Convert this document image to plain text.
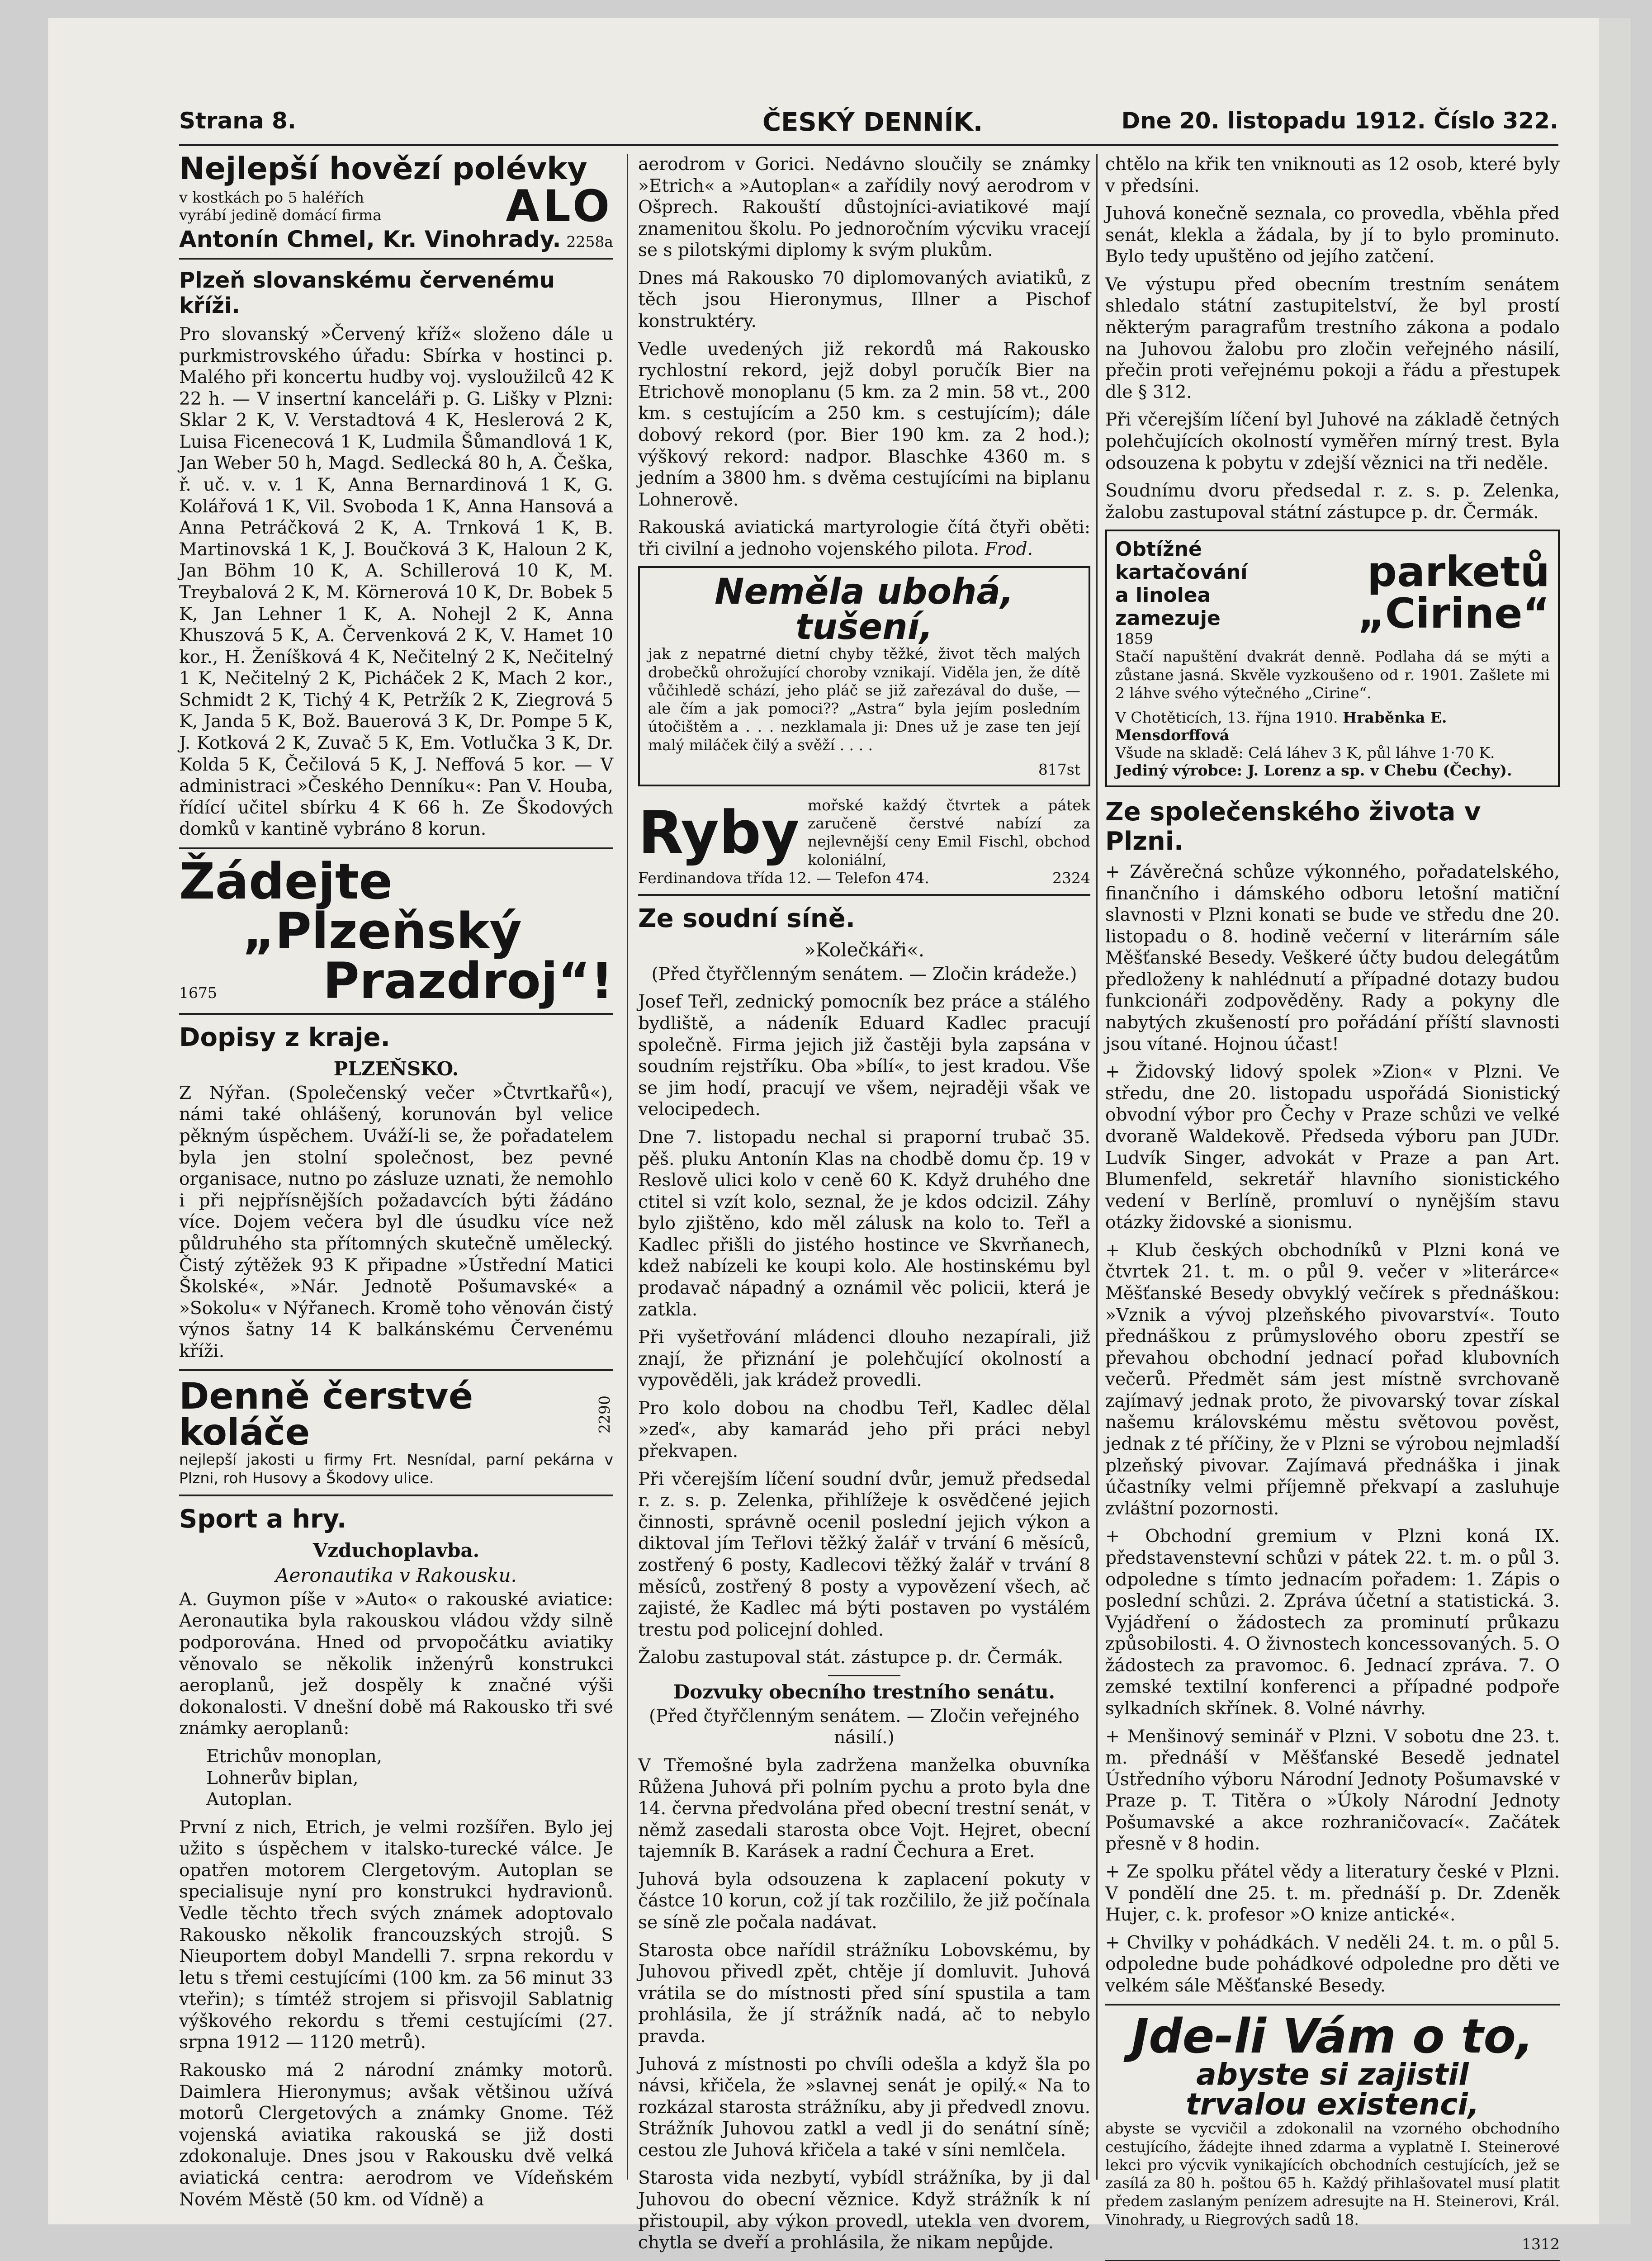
Strana 8.	ČESKÝ DENNÍK.	Dne 20. listopadu 1912. Číslo 322.
Nejlepší hovězí polévky
v kostkách po 5 haléřích
vyrábí jedině domácí firma	ALO
Antonín Chmel, Kr. Vinohrady. 2258a
Plzeň slovanskému červenému kříži.

Pro slovanský »Červený kříž« složeno dále u purkmistrovského úřadu: Sbírka v hostinci p. Malého při koncertu hudby voj. vysloužilců 42 K 22 h. — V insertní kanceláři p. G. Lišky v Plzni: Sklar 2 K, V. Verstadtová 4 K, Heslerová 2 K, Luisa Ficenecová 1 K, Ludmila Šůmandlová 1 K, Jan Weber 50 h, Magd. Sedlecká 80 h, A. Češka, ř. uč. v. v. 1 K, Anna Bernardinová 1 K, G. Kolářová 1 K, Vil. Svoboda 1 K, Anna Hansová a Anna Petráčková 2 K, A. Trnková 1 K, B. Martinovská 1 K, J. Boučková 3 K, Haloun 2 K, Jan Böhm 10 K, A. Schillerová 10 K, M. Treybalová 2 K, M. Körnerová 10 K, Dr. Bobek 5 K, Jan Lehner 1 K, A. Nohejl 2 K, Anna Khuszová 5 K, A. Červenková 2 K, V. Hamet 10 kor., H. Ženíšková 4 K, Nečitelný 2 K, Nečitelný 1 K, Nečitelný 2 K, Picháček 2 K, Mach 2 kor., Schmidt 2 K, Tichý 4 K, Petržík 2 K, Ziegrová 5 K, Janda 5 K, Bož. Bauerová 3 K, Dr. Pompe 5 K, J. Kotková 2 K, Zuvač 5 K, Em. Votlučka 3 K, Dr. Kolda 5 K, Čečilová 5 K, J. Neffová 5 kor. — V administraci »Českého Denníku«: Pan V. Houba, řídící učitel sbírku 4 K 66 h. Ze Škodových domků v kantině vybráno 8 korun.

Žádejte
„Plzeňský
1675 Prazdroj“!
Dopisy z kraje.
PLZEŇSKO.

Z Nýřan. (Společenský večer »Čtvrtkařů«), námi také ohlášený, korunován byl velice pěkným úspěchem. Uváží-li se, že pořadatelem byla jen stolní společnost, bez pevné organisace, nutno po zásluze uznati, že nemohlo i při nejpřísnějších požadavcích býti žádáno více. Dojem večera byl dle úsudku více než půldruhého sta přítomných skutečně umělecký. Čistý zýtěžek 93 K připadne »Ústřední Matici Školské«, »Nár. Jednotě Pošumavské« a »Sokolu« v Nýřanech. Kromě toho věnován čistý výnos šatny 14 K balkánskému Červenému kříži.

Denně čerstvé koláče	2290

nejlepší jakosti u firmy Frt. Nesnídal, parní pekárna v Plzni, roh Husovy a Škodovy ulice.

Sport a hry.
Vzduchoplavba.
Aeronautika v Rakousku.

A. Guymon píše v »Auto« o rakouské aviatice: Aeronautika byla rakouskou vládou vždy silně podporována. Hned od prvopočátku aviatiky věnovalo se několik inženýrů konstrukci aeroplanů, jež dospěly k značné výši dokonalosti. V dnešní době má Rakousko tři své známky aeroplanů:

Etrichův monoplan,

Lohnerův biplan,

Autoplan.

První z nich, Etrich, je velmi rozšířen. Bylo jej užito s úspěchem v italsko-turecké válce. Je opatřen motorem Clergetovým. Autoplan se specialisuje nyní pro konstrukci hydravionů. Vedle těchto třech svých známek adoptovalo Rakousko několik francouzských strojů. S Nieuportem dobyl Mandelli 7. srpna rekordu v letu s třemi cestujícími (100 km. za 56 minut 33 vteřin); s tímtéž strojem si přisvojil Sablatnig výškového rekordu s třemi cestujícími (27. srpna 1912 — 1120 metrů).

Rakousko má 2 národní známky motorů. Daimlera Hieronymus; avšak většinou užívá motorů Clergetových a známky Gnome. Též vojenská aviatika rakouská se již dosti zdokonaluje. Dnes jsou v Rakousku dvě velká aviatická centra: aerodrom ve Vídeňském Novém Městě (50 km. od Vídně) a

aerodrom v Gorici. Nedávno sloučily se známky »Etrich« a »Autoplan« a zařídily nový aerodrom v Ošprech. Rakouští důstojníci-aviatikové mají znamenitou školu. Po jednoročním výcviku vracejí se s pilotskými diplomy k svým plukům.

Dnes má Rakousko 70 diplomovaných aviatiků, z těch jsou Hieronymus, Illner a Pischof konstruktéry.

Vedle uvedených již rekordů má Rakousko rychlostní rekord, jejž dobyl poručík Bier na Etrichově monoplanu (5 km. za 2 min. 58 vt., 200 km. s cestujícím a 250 km. s cestujícím); dále dobový rekord (por. Bier 190 km. za 2 hod.); výškový rekord: nadpor. Blaschke 4360 m. s jedním a 3800 hm. s dvěma cestujícími na biplanu Lohnerově.

Rakouská aviatická martyrologie čítá čtyři oběti: tři civilní a jednoho vojenského pilota. Frod.

Neměla ubohá,
tušení,

jak z nepatrné dietní chyby těžké, život těch malých drobečků ohrožující choroby vznikají. Viděla jen, že dítě vůčihledě schází, jeho pláč se již zařezával do duše, — ale čím a jak pomoci?? „Astra“ byla jejím posledním útočištěm a . . . nezklamala ji: Dnes už je zase ten její malý miláček čilý a svěží . . . .

817st
Ryby mořské každý čtvrtek a pátek zaručeně čerstvé nabízí za nejlevnější ceny Emil Fischl, obchod koloniální,

Ferdinandova třída 12. — Telefon 474.	2324
Ze soudní síně.
»Kolečkáři«.

(Před čtyřčlenným senátem. — Zločin krádeže.)

Josef Teřl, zednický pomocník bez práce a stálého bydliště, a nádeník Eduard Kadlec pracují společně. Firma jejich již častěji byla zapsána v soudním rejstříku. Oba »bílí«, to jest kradou. Vše se jim hodí, pracují ve všem, nejraději však ve velocipedech.

Dne 7. listopadu nechal si praporní trubač 35. pěš. pluku Antonín Klas na chodbě domu čp. 19 v Reslově ulici kolo v ceně 60 K. Když druhého dne ctitel si vzít kolo, seznal, že je kdos odcizil. Záhy bylo zjištěno, kdo měl zálusk na kolo to. Teřl a Kadlec přišli do jistého hostince ve Skvrňanech, kdež nabízeli ke koupi kolo. Ale hostinskému byl prodavač nápadný a oznámil věc policii, která je zatkla.

Při vyšetřování mládenci dlouho nezapírali, již znají, že přiznání je polehčující okolností a vypověděli, jak krádež provedli.

Pro kolo dobou na chodbu Teřl, Kadlec dělal »zeď«, aby kamarád jeho při práci nebyl překvapen.

Při včerejším líčení soudní dvůr, jemuž předsedal r. z. s. p. Zelenka, přihlížeje k osvědčené jejich činnosti, správně ocenil poslední jejich výkon a diktoval jím Teřlovi těžký žalář v trvání 6 měsíců, zostřený 6 posty, Kadlecovi těžký žalář v trvání 8 měsíců, zostřený 8 posty a vypovězení všech, ač zajisté, že Kadlec má býti postaven po vystálém trestu pod policejní dohled.

Žalobu zastupoval stát. zástupce p. dr. Čermák.

Dozvuky obecního trestního senátu.

(Před čtyřčlenným senátem. — Zločin veřejného násilí.)

V Třemošné byla zadržena manželka obuvníka Růžena Juhová při polním pychu a proto byla dne 14. června předvolána před obecní trestní senát, v němž zasedali starosta obce Vojt. Hejret, obecní tajemník B. Karásek a radní Čechura a Eret.

Juhová byla odsouzena k zaplacení pokuty v částce 10 korun, což jí tak rozčililo, že již počínala se síně zle počala nadávat.

Starosta obce nařídil strážníku Lobovskému, by Juhovou přivedl zpět, chtěje jí domluvit. Juhová vrátila se do místnosti před síní spustila a tam prohlásila, že jí strážník nadá, ač to nebylo pravda.

Juhová z místnosti po chvíli odešla a když šla po návsi, křičela, že »slavnej senát je opilý.« Na to rozkázal starosta strážníku, aby ji předvedl znovu. Strážník Juhovou zatkl a vedl ji do senátní síně; cestou zle Juhová křičela a také v síni nemlčela.

Starosta vida nezbytí, vybídl strážníka, by ji dal Juhovou do obecní věznice. Když strážník k ní přistoupil, aby výkon provedl, utekla ven dvorem, chytla se dveří a prohlásila, že nikam nepůjde.

chtělo na křik ten vniknouti as 12 osob, které byly v předsíni.

Juhová konečně seznala, co provedla, vběhla před senát, klekla a žádala, by jí to bylo prominuto. Bylo tedy upuštěno od jejího zatčení.

Ve výstupu před obecním trestním senátem shledalo státní zastupitelství, že byl prostí některým paragrafům trestního zákona a podalo na Juhovou žalobu pro zločin veřejného násilí, přečin proti veřejnému pokoji a řádu a přestupek dle § 312.

Při včerejším líčení byl Juhové na základě četných polehčujících okolností vyměřen mírný trest. Byla odsouzena k pobytu v zdejší věznici na tři neděle.

Soudnímu dvoru předsedal r. z. s. p. Zelenka, žalobu zastupoval státní zástupce p. dr. Čermák.

Obtížné kartačování
a linolea zamezuje
1859
parketů
„Cirine“

Stačí napuštění dvakrát denně. Podlaha dá se mýti a zůstane jasná. Skvěle vyzkoušeno od r. 1901. Zašlete mi 2 láhve svého výtečného „Cirine“.

V Chotěticích, 13. října 1910. Hraběnka E. Mensdorffová
Všude na skladě: Celá láhev 3 K, půl láhve 1·70 K.
Jediný výrobce: J. Lorenz a sp. v Chebu (Čechy).
Ze společenského života v Plzni.

+ Závěrečná schůze výkonného, pořadatelského, finančního i dámského odboru letošní matiční slavnosti v Plzni konati se bude ve středu dne 20. listopadu o 8. hodině večerní v literárním sále Měšťanské Besedy. Veškeré účty budou delegátům předloženy k nahlédnutí a případné dotazy budou funkcionáři zodpověděny. Rady a pokyny dle nabytých zkušeností pro pořádání příští slavnosti jsou vítané. Hojnou účast!

+ Židovský lidový spolek »Zion« v Plzni. Ve středu, dne 20. listopadu uspořádá Sionistický obvodní výbor pro Čechy v Praze schůzi ve velké dvoraně Waldekově. Předseda výboru pan JUDr. Ludvík Singer, advokát v Praze a pan Art. Blumenfeld, sekretář hlavního sionistického vedení v Berlíně, promluví o nynějším stavu otázky židovské a sionismu.

+ Klub českých obchodníků v Plzni koná ve čtvrtek 21. t. m. o půl 9. večer v »literárce« Měšťanské Besedy obvyklý večírek s přednáškou: »Vznik a vývoj plzeňského pivovarství«. Touto přednáškou z průmyslového oboru zpestří se převahou obchodní jednací pořad klubovních večerů. Předmět sám jest místně svrchovaně zajímavý jednak proto, že pivovarský tovar získal našemu královskému městu světovou pověst, jednak z té příčiny, že v Plzni se výrobou nejmladší plzeňský pivovar. Zajímavá přednáška i jinak účastníky velmi příjemně překvapí a zasluhuje zvláštní pozornosti.

+ Obchodní gremium v Plzni koná IX. představenstevní schůzi v pátek 22. t. m. o půl 3. odpoledne s tímto jednacím pořadem: 1. Zápis o poslední schůzi. 2. Zpráva účetní a statistická. 3. Vyjádření o žádostech za prominutí průkazu způsobilosti. 4. O živnostech koncessovaných. 5. O žádostech za pravomoc. 6. Jednací zpráva. 7. O zemské textilní konferenci a případné podpoře sylkadních skřínek. 8. Volné návrhy.

+ Menšinový seminář v Plzni. V sobotu dne 23. t. m. přednáší v Měšťanské Besedě jednatel Ústředního výboru Národní Jednoty Pošumavské v Praze p. T. Titěra o »Úkoly Národní Jednoty Pošumavské a akce rozhraničovací«. Začátek přesně v 8 hodin.

+ Ze spolku přátel vědy a literatury české v Plzni. V pondělí dne 25. t. m. přednáší p. Dr. Zdeněk Hujer, c. k. profesor »O knize antické«.

+ Chvilky v pohádkách. V neděli 24. t. m. o půl 5. odpoledne bude pohádkové odpoledne pro děti ve velkém sále Měšťanské Besedy.

Jde-li Vám o to,
abyste si zajistil
trvalou existenci,

abyste se vycvičil a zdokonalil na vzorného obchodního cestujícího, žádejte ihned zdarma a vyplatně I. Steinerové lekci pro výcvik vynikajících obchodních cestujících, jež se zasílá za 80 h. poštou 65 h. Každý přihlašovatel musí platit předem zaslaným penízem adresujte na H. Steinerovi, Král. Vinohrady, u Riegrových sadů 18.

1312
